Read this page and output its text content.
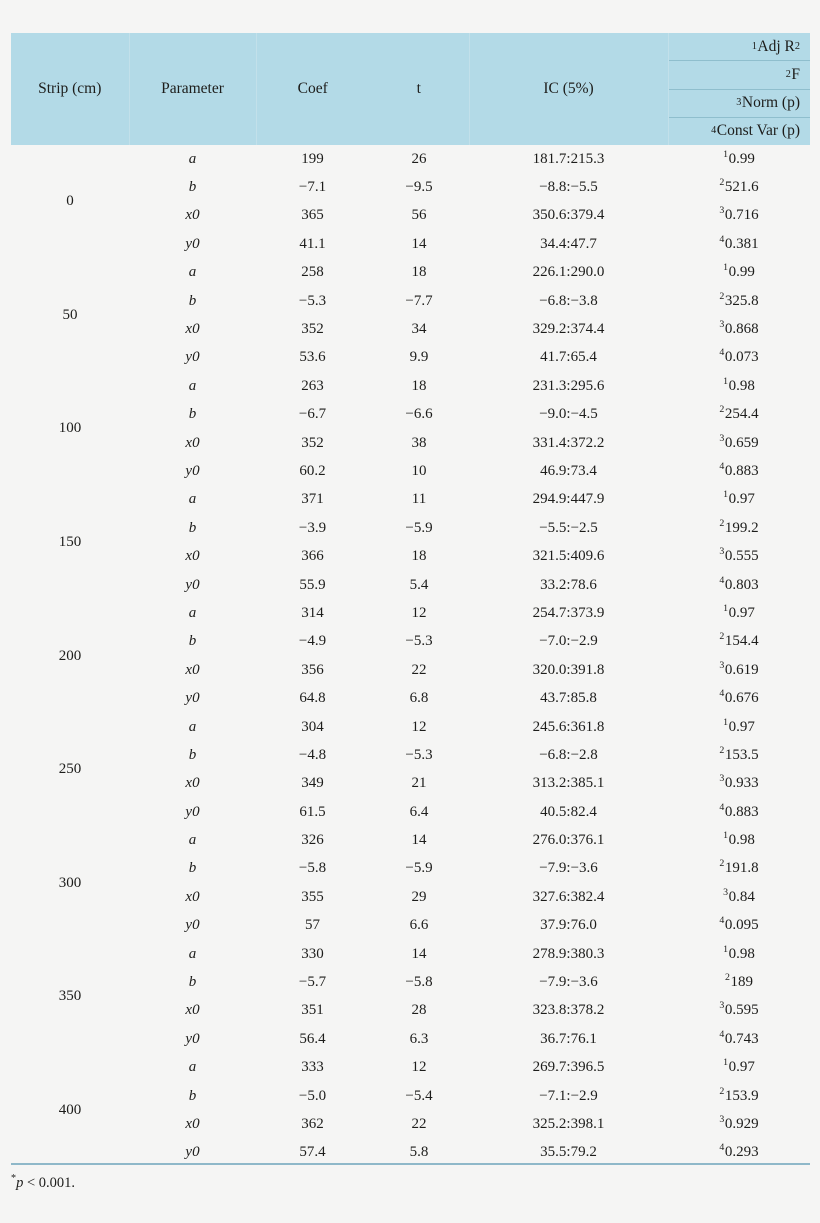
Strip (cm)	Parameter	Coef	t	IC (5%)	
1 Adj R 2
2 F
3 Norm (p)
4 Const Var (p)

0	a	199	26	181.7:215.3	$^1$0.99
	b	−7.1	−9.5	−8.8:−5.5	$^2$521.6
	x0	365	56	350.6:379.4	$^3$0.716
	y0	41.1	14	34.4:47.7	$^4$0.381
50	a	258	18	226.1:290.0	$^1$0.99
	b	−5.3	−7.7	−6.8:−3.8	$^2$325.8
	x0	352	34	329.2:374.4	$^3$0.868
	y0	53.6	9.9	41.7:65.4	$^4$0.073
100	a	263	18	231.3:295.6	$^1$0.98
	b	−6.7	−6.6	−9.0:−4.5	$^2$254.4
	x0	352	38	331.4:372.2	$^3$0.659
	y0	60.2	10	46.9:73.4	$^4$0.883
150	a	371	11	294.9:447.9	$^1$0.97
	b	−3.9	−5.9	−5.5:−2.5	$^2$199.2
	x0	366	18	321.5:409.6	$^3$0.555
	y0	55.9	5.4	33.2:78.6	$^4$0.803
200	a	314	12	254.7:373.9	$^1$0.97
	b	−4.9	−5.3	−7.0:−2.9	$^2$154.4
	x0	356	22	320.0:391.8	$^3$0.619
	y0	64.8	6.8	43.7:85.8	$^4$0.676
250	a	304	12	245.6:361.8	$^1$0.97
	b	−4.8	−5.3	−6.8:−2.8	$^2$153.5
	x0	349	21	313.2:385.1	$^3$0.933
	y0	61.5	6.4	40.5:82.4	$^4$0.883
300	a	326	14	276.0:376.1	$^1$0.98
	b	−5.8	−5.9	−7.9:−3.6	$^2$191.8
	x0	355	29	327.6:382.4	$^3$0.84
	y0	57	6.6	37.9:76.0	$^4$0.095
350	a	330	14	278.9:380.3	$^1$0.98
	b	−5.7	−5.8	−7.9:−3.6	$^2$189
	x0	351	28	323.8:378.2	$^3$0.595
	y0	56.4	6.3	36.7:76.1	$^4$0.743
400	a	333	12	269.7:396.5	$^1$0.97
	b	−5.0	−5.4	−7.1:−2.9	$^2$153.9
	x0	362	22	325.2:398.1	$^3$0.929
	y0	57.4	5.8	35.5:79.2	$^4$0.293
*p < 0.001.
